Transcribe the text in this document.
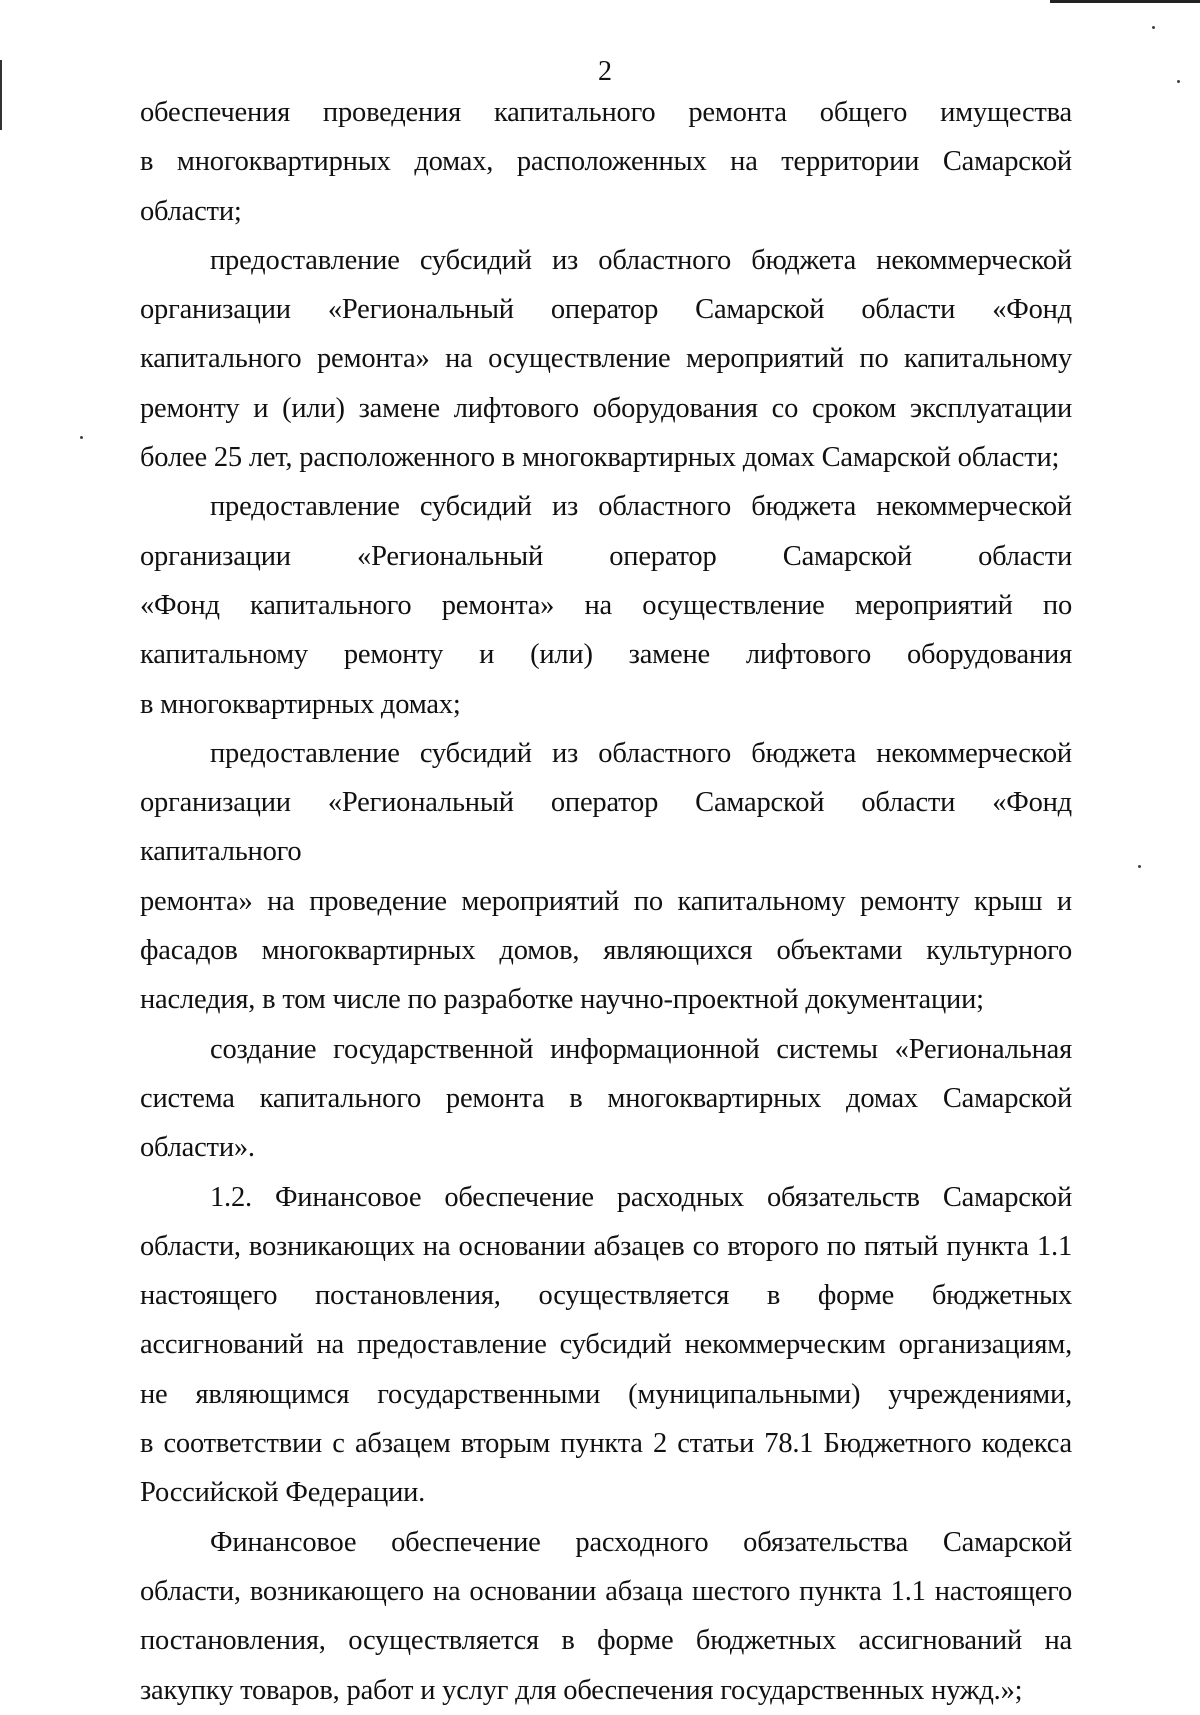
2
обеспечения проведения капитального ремонта общего имущества
в многоквартирных домах, расположенных на территории Самарской области;
предоставление субсидий из областного бюджета некоммерческой
организации «Региональный оператор Самарской области «Фонд
капитального ремонта» на осуществление мероприятий по капитальному
ремонту и (или) замене лифтового оборудования со сроком эксплуатации
более 25 лет, расположенного в многоквартирных домах Самарской области;
предоставление субсидий из областного бюджета некоммерческой
организации «Региональный оператор Самарской области
«Фонд капитального ремонта» на осуществление мероприятий по
капитальному ремонту и (или) замене лифтового оборудования
в многоквартирных домах;
предоставление субсидий из областного бюджета некоммерческой
организации «Региональный оператор Самарской области «Фонд капитального
ремонта» на проведение мероприятий по капитальному ремонту крыш и
фасадов многоквартирных домов, являющихся объектами культурного
наследия, в том числе по разработке научно-проектной документации;
создание государственной информационной системы «Региональная
система капитального ремонта в многоквартирных домах Самарской области».
1.2. Финансовое обеспечение расходных обязательств Самарской
области, возникающих на основании абзацев со второго по пятый пункта 1.1
настоящего постановления, осуществляется в форме бюджетных
ассигнований на предоставление субсидий некоммерческим организациям,
не являющимся государственными (муниципальными) учреждениями,
в соответствии с абзацем вторым пункта 2 статьи 78.1 Бюджетного кодекса
Российской Федерации.
Финансовое обеспечение расходного обязательства Самарской
области, возникающего на основании абзаца шестого пункта 1.1 настоящего
постановления, осуществляется в форме бюджетных ассигнований на
закупку товаров, работ и услуг для обеспечения государственных нужд.»;
